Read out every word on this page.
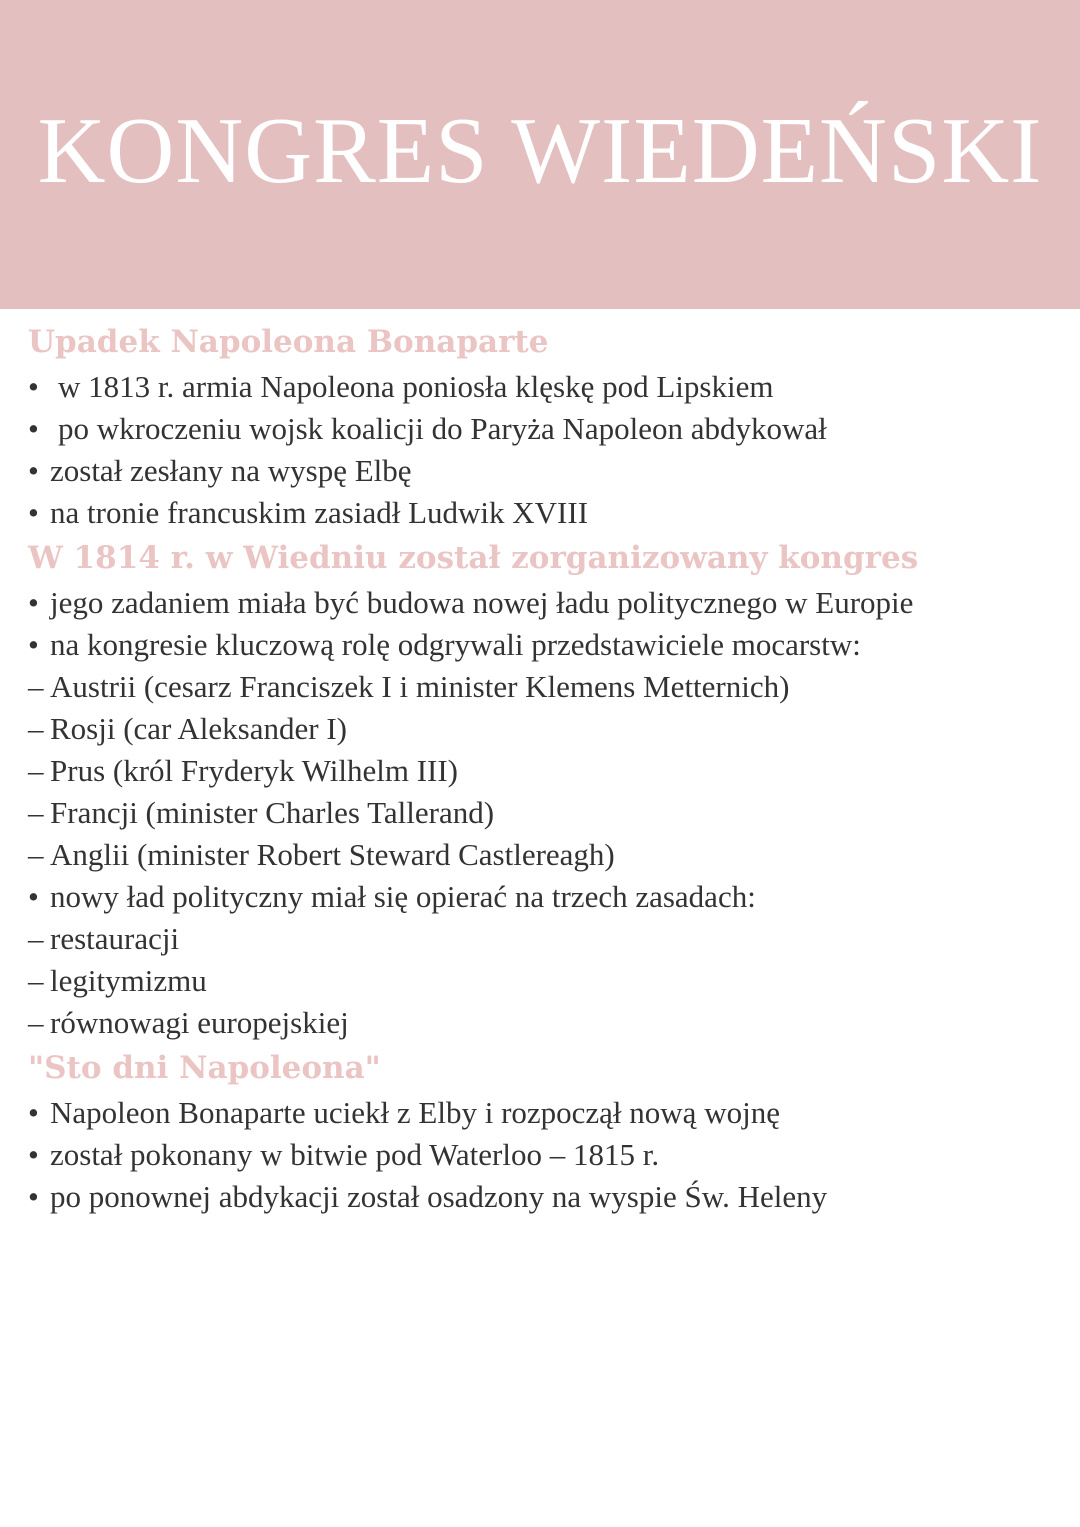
KONGRES WIEDEŃSKI
Upadek Napoleona Bonaparte
• w 1813 r. armia Napoleona poniosła klęskę pod Lipskiem
• po wkroczeniu wojsk koalicji do Paryża Napoleon abdykował
• został zesłany na wyspę Elbę
• na tronie francuskim zasiadł Ludwik XVIII
W 1814 r. w Wiedniu został zorganizowany kongres
• jego zadaniem miała być budowa nowej ładu politycznego w Europie
• na kongresie kluczową rolę odgrywali przedstawiciele mocarstw:
– Austrii (cesarz Franciszek I i minister Klemens Metternich)
– Rosji (car Aleksander I)
– Prus (król Fryderyk Wilhelm III)
– Francji (minister Charles Tallerand)
– Anglii (minister Robert Steward Castlereagh)
• nowy ład polityczny miał się opierać na trzech zasadach:
– restauracji
– legitymizmu
– równowagi europejskiej
"Sto dni Napoleona"
• Napoleon Bonaparte uciekł z Elby i rozpoczął nową wojnę
• został pokonany w bitwie pod Waterloo – 1815 r.
• po ponownej abdykacji został osadzony na wyspie Św. Heleny
